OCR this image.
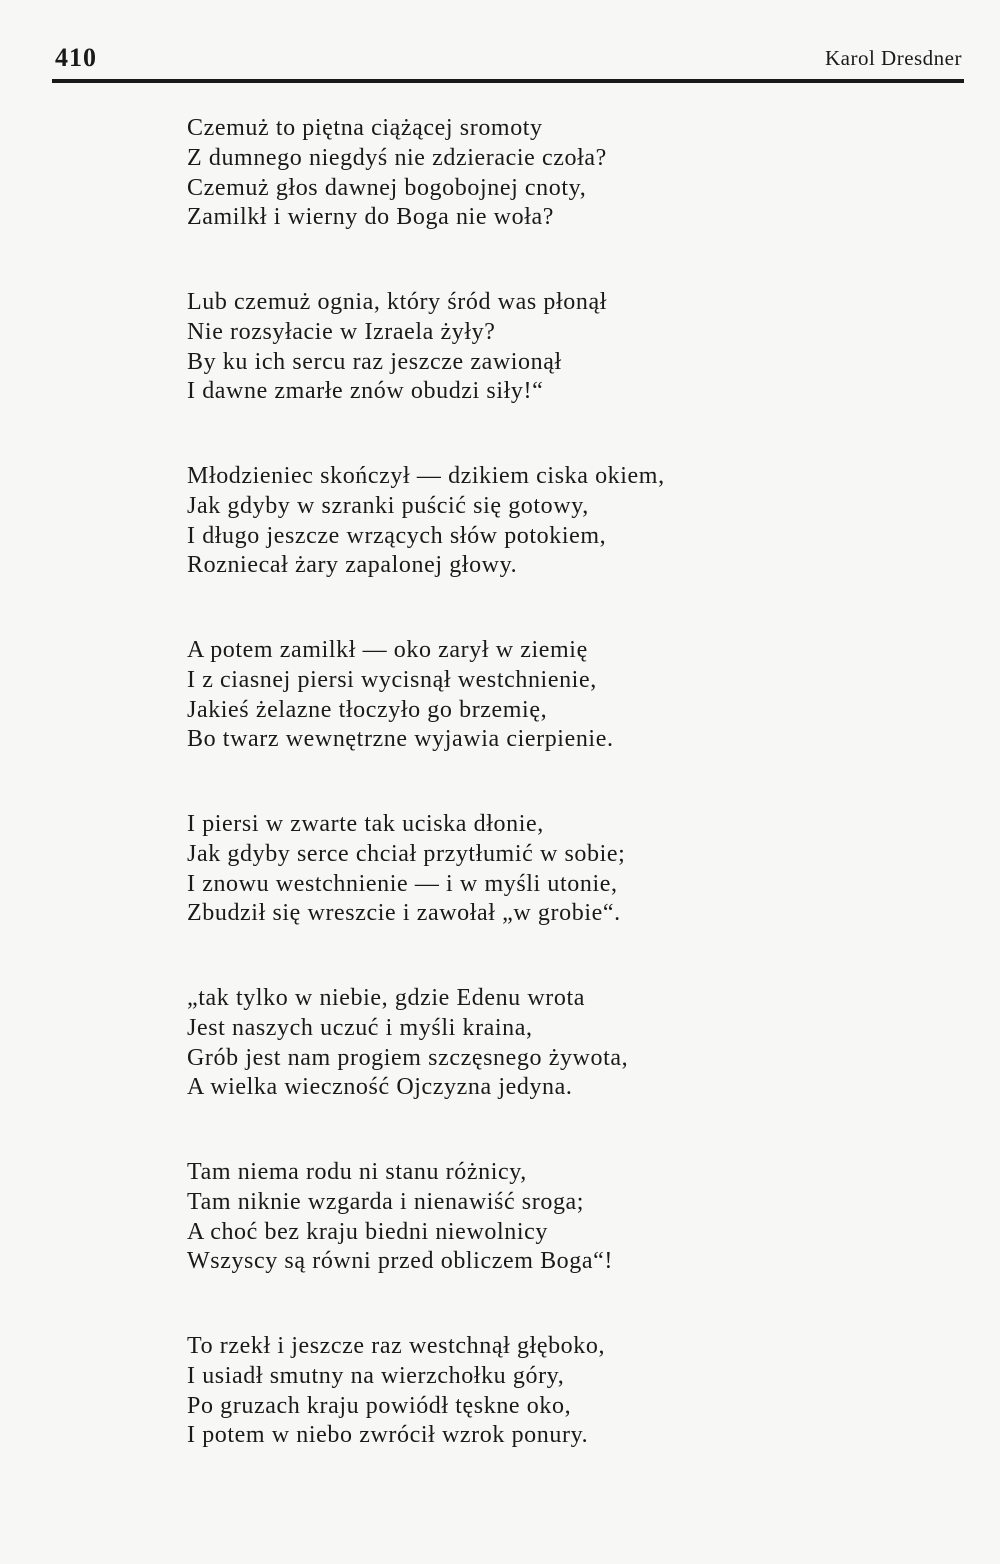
410	Karol Dresdner
Czemuż to piętna ciążącej sromoty
Z dumnego niegdyś nie zdzieracie czoła?
Czemuż głos dawnej bogobojnej cnoty,
Zamilkł i wierny do Boga nie woła?
Lub czemuż ognia, który śród was płonął
Nie rozsyłacie w Izraela żyły?
By ku ich sercu raz jeszcze zawionął
I dawne zmarłe znów obudzi siły!“
Młodzieniec skończył — dzikiem ciska okiem,
Jak gdyby w szranki puścić się gotowy,
I długo jeszcze wrzących słów potokiem,
Rozniecał żary zapalonej głowy.
A potem zamilkł — oko zarył w ziemię
I z ciasnej piersi wycisnął westchnienie,
Jakieś żelazne tłoczyło go brzemię,
Bo twarz wewnętrzne wyjawia cierpienie.
I piersi w zwarte tak uciska dłonie,
Jak gdyby serce chciał przytłumić w sobie;
I znowu westchnienie — i w myśli utonie,
Zbudził się wreszcie i zawołał „w grobie“.
„tak tylko w niebie, gdzie Edenu wrota
Jest naszych uczuć i myśli kraina,
Grób jest nam progiem szczęsnego żywota,
A wielka wieczność Ojczyzna jedyna.
Tam niema rodu ni stanu różnicy,
Tam niknie wzgarda i nienawiść sroga;
A choć bez kraju biedni niewolnicy
Wszyscy są równi przed obliczem Boga“!
To rzekł i jeszcze raz westchnął głęboko,
I usiadł smutny na wierzchołku góry,
Po gruzach kraju powiódł tęskne oko,
I potem w niebo zwrócił wzrok ponury.
